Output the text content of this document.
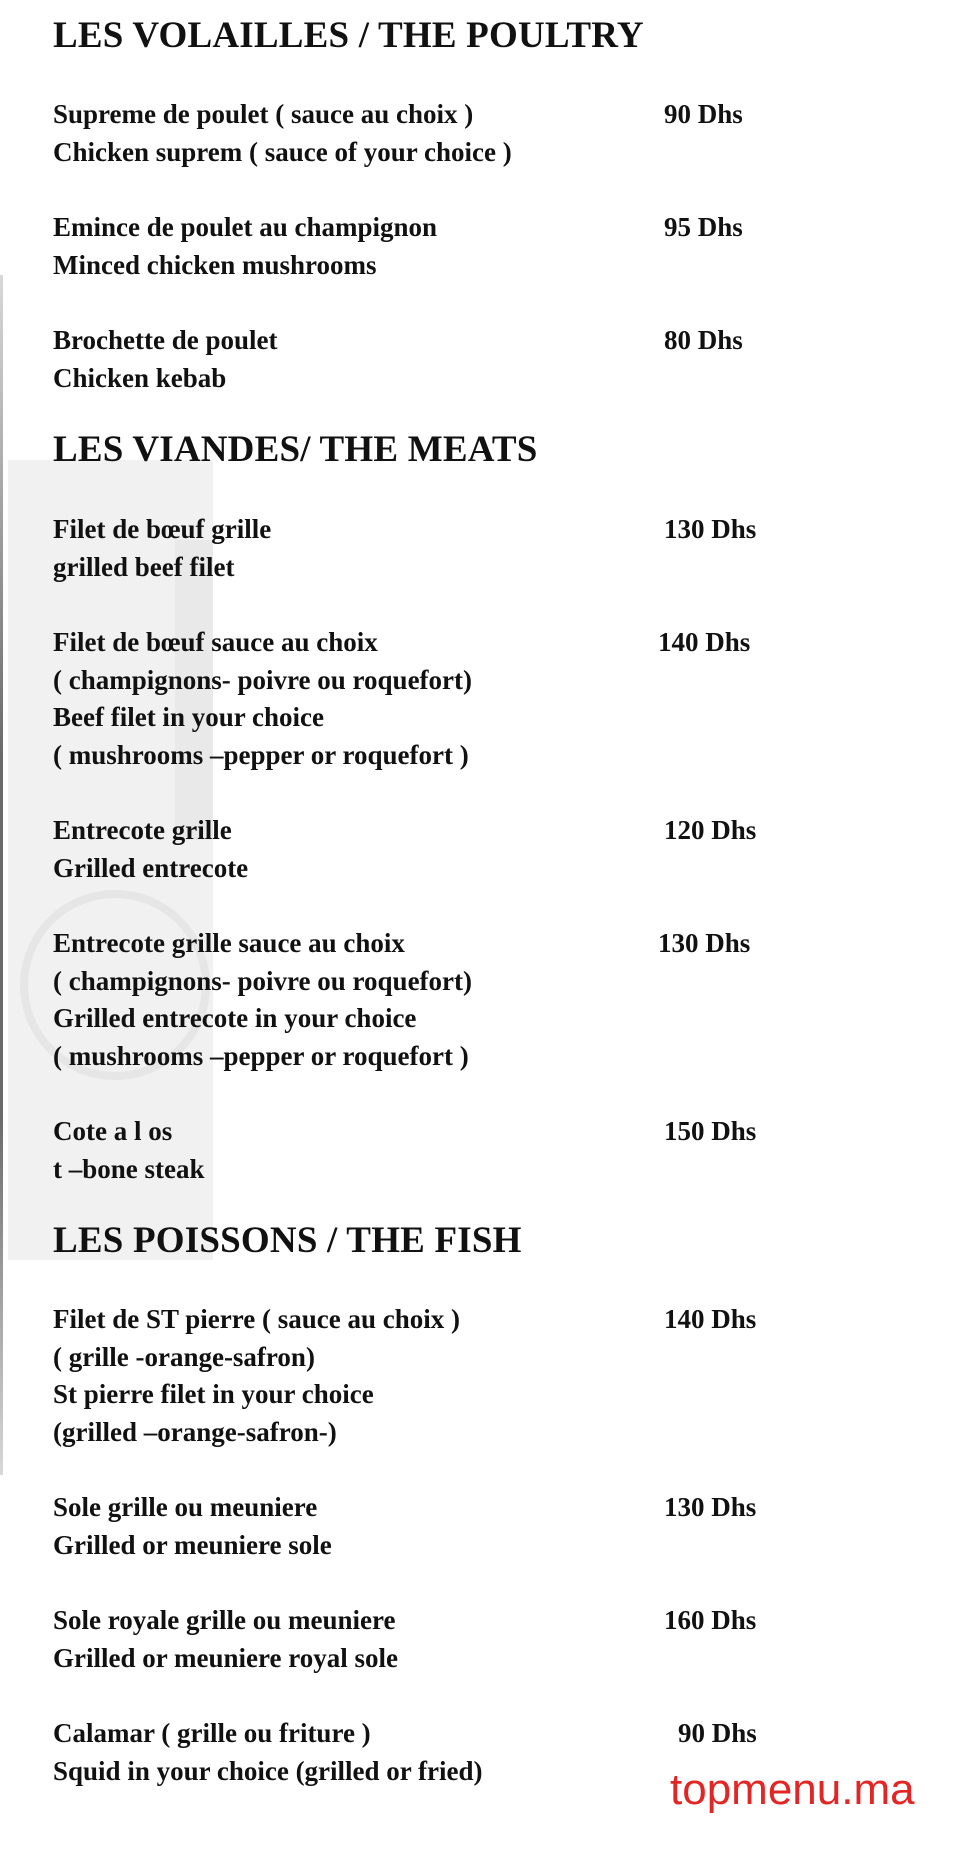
LES VOLAILLES / THE POULTRY
Supreme de poulet ( sauce au choix )
Chicken suprem ( sauce of your choice )
90 Dhs
Emince de poulet au champignon
Minced chicken mushrooms
95 Dhs
Brochette de poulet
Chicken kebab
80 Dhs
LES VIANDES/ THE MEATS
Filet de bœuf grille
grilled beef filet
130 Dhs
Filet de bœuf sauce au choix
( champignons- poivre ou roquefort)
Beef filet in your choice
( mushrooms –pepper or roquefort )
140 Dhs
Entrecote grille
Grilled entrecote
120 Dhs
Entrecote grille sauce au choix
( champignons- poivre ou roquefort)
Grilled entrecote in your choice
( mushrooms –pepper or roquefort )
130 Dhs
Cote a l os
t –bone steak
150 Dhs
LES POISSONS / THE FISH
Filet de ST pierre ( sauce au choix )
( grille -orange-safron)
St pierre filet in your choice
(grilled –orange-safron-)
140 Dhs
Sole grille ou meuniere
Grilled or meuniere sole
130 Dhs
Sole royale grille ou meuniere
Grilled or meuniere royal sole
160 Dhs
Calamar ( grille ou friture )
Squid in your choice (grilled or fried)
90 Dhs
topmenu.ma
